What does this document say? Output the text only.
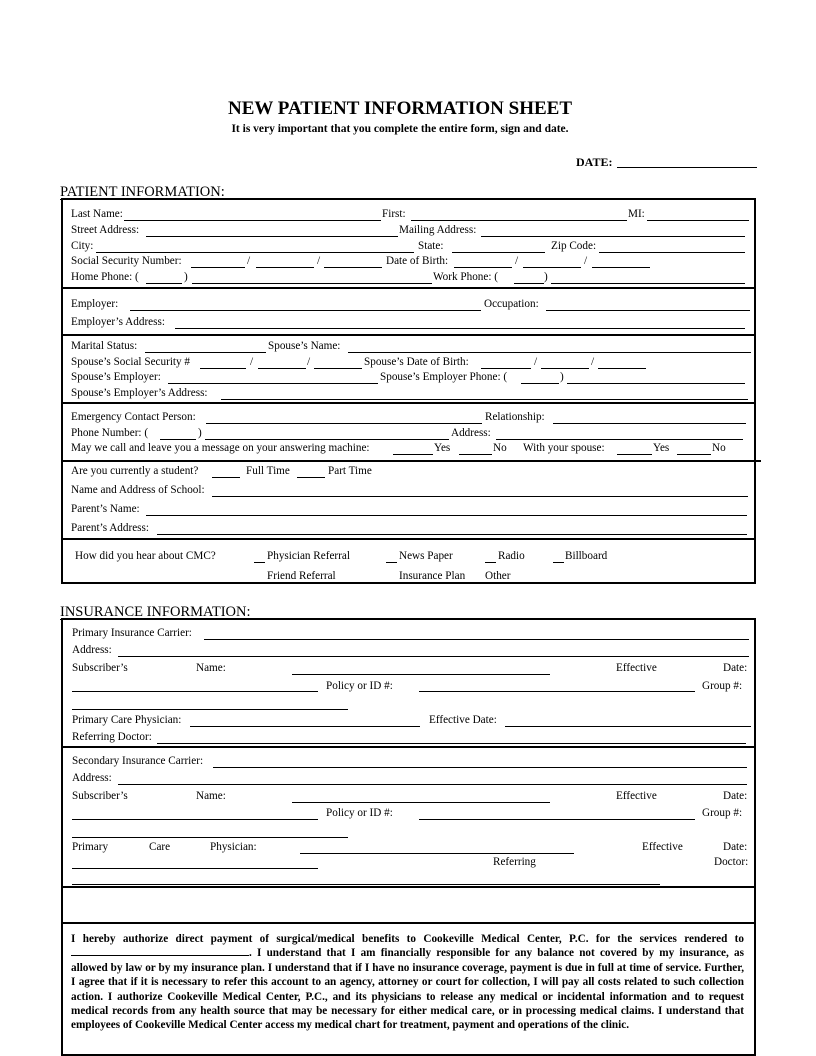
NEW PATIENT INFORMATION SHEET
It is very important that you complete the entire form, sign and date.
DATE:
PATIENT INFORMATION:
Last Name:	First:	MI:
Street Address:	Mailing Address:
City:	State:	Zip Code:
Social Security Number:	/	/	Date of Birth:	/	/
Home Phone: (	)	Work Phone: (	)
Employer:	Occupation:
Employer’s Address:
Marital Status:	Spouse’s Name:
Spouse’s Social Security #	/	/	Spouse’s Date of Birth:	/	/
Spouse’s Employer:	Spouse’s Employer Phone: (	)
Spouse’s Employer’s Address:
Emergency Contact Person:	Relationship:
Phone Number: (	)	Address:
May we call and leave you a message on your answering machine:	Yes	No With your spouse:	Yes	No
Are you currently a student?	Full Time	Part Time
Name and Address of School:
Parent’s Name:
Parent’s Address:
How did you hear about CMC?	Physician Referral	News Paper	Radio	Billboard
Friend Referral	Insurance Plan Other
INSURANCE INFORMATION:
Primary Insurance Carrier:
Address:
Subscriber’s	Name:	Effective	Date:
Policy or ID #:	Group #:
Primary Care Physician:	Effective Date:
Referring Doctor:
Secondary Insurance Carrier:
Address:
Subscriber’s	Name:	Effective	Date:
Policy or ID #:	Group #:
Primary	Care	Physician:	Effective	Date:
Referring	Doctor:
I hereby authorize direct payment of surgical/medical benefits to Cookeville Medical Center, P.C. for the services rendered to . I understand that I am financially responsible for any balance not covered by my insurance, as allowed by law or by my insurance plan. I understand that if I have no insurance coverage, payment is due in full at time of service. Further, I agree that if it is necessary to refer this account to an agency, attorney or court for collection, I will pay all costs related to such collection action. I authorize Cookeville Medical Center, P.C., and its physicians to release any medical or incidental information and to request medical records from any health source that may be necessary for either medical care, or in processing medical claims. I understand that employees of Cookeville Medical Center access my medical chart for treatment, payment and operations of the clinic.
